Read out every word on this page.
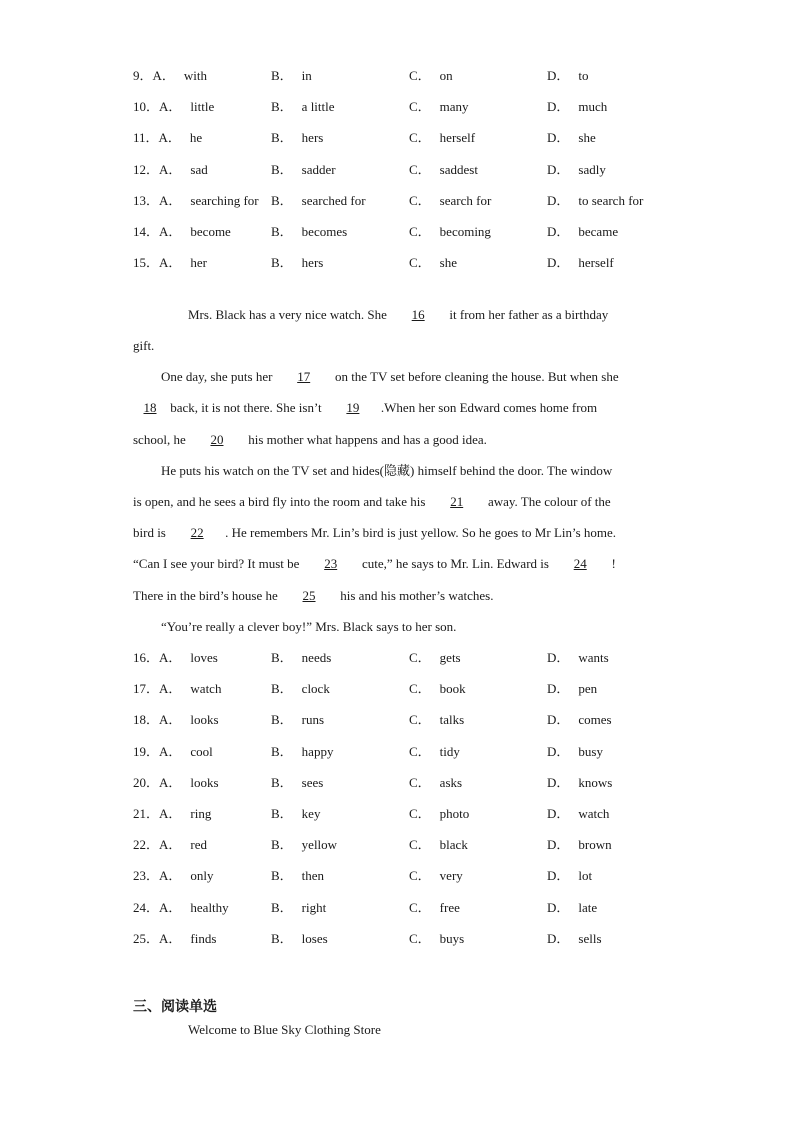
9．A． with	B． in	C． on	D． to
10．A． little	B． a little	C． many	D． much
11．A． he	B． hers	C． herself	D． she
12．A． sad	B． sadder	C． saddest	D． sadly
13．A． searching for B． searched for	C． search for	D． to search for
14．A． become	B． becomes	C． becoming	D． became
15．A． her	B． hers	C． she	D． herself
Mrs. Black has a very nice watch. She 16 it from her father as a birthday
gift.
One day, she puts her 17 on the TV set before cleaning the house. But when she
18 back, it is not there. She isn’t 19 .When her son Edward comes home from
school, he 20 his mother what happens and has a good idea.
He puts his watch on the TV set and hides(隐藏) himself behind the door. The window
is open, and he sees a bird fly into the room and take his 21 away. The colour of the
bird is 22 . He remembers Mr. Lin’s bird is just yellow. So he goes to Mr Lin’s home.
“Can I see your bird? It must be 23 cute,” he says to Mr. Lin. Edward is 24 !
There in the bird’s house he 25 his and his mother’s watches.
“You’re really a clever boy!” Mrs. Black says to her son.
16．A． loves	B． needs	C． gets	D． wants
17．A． watch	B． clock	C． book	D． pen
18．A． looks	B． runs	C． talks	D． comes
19．A． cool	B． happy	C． tidy	D． busy
20．A． looks	B． sees	C． asks	D． knows
21．A． ring	B． key	C． photo	D． watch
22．A． red	B． yellow	C． black	D． brown
23．A． only	B． then	C． very	D． lot
24．A． healthy	B． right	C． free	D． late
25．A． finds	B． loses	C． buys	D． sells
三、阅读单选
Welcome to Blue Sky Clothing Store
